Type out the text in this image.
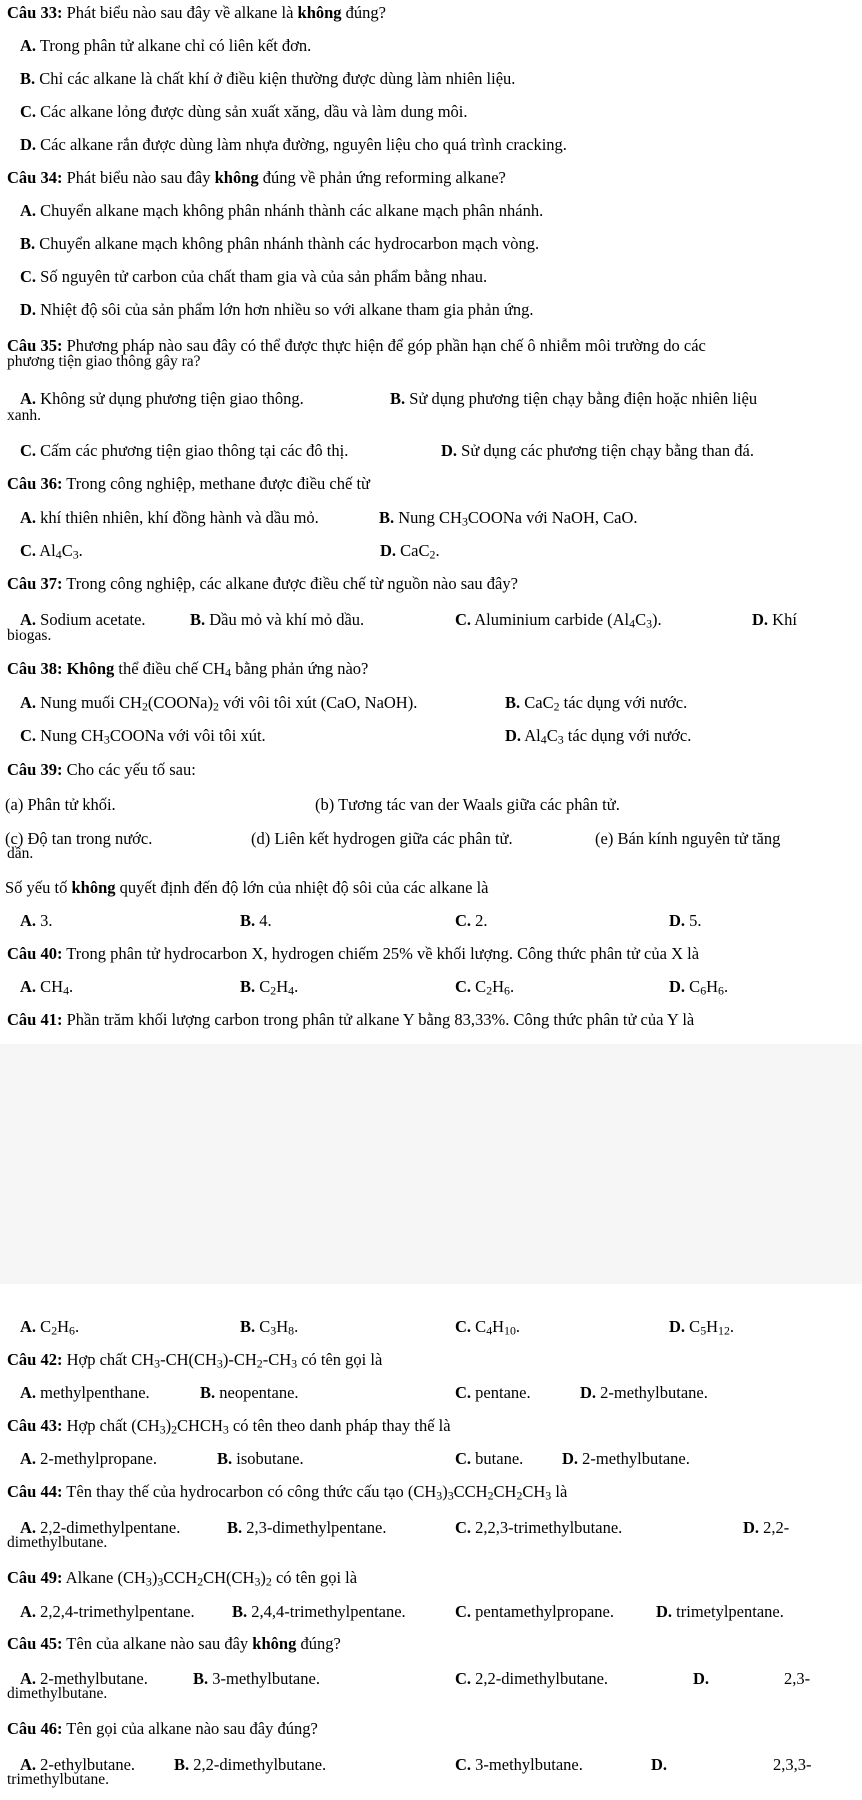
Câu 33: Phát biểu nào sau đây về alkane là không đúng?
A. Trong phân tử alkane chỉ có liên kết đơn.
B. Chỉ các alkane là chất khí ở điều kiện thường được dùng làm nhiên liệu.
C. Các alkane lỏng được dùng sản xuất xăng, dầu và làm dung môi.
D. Các alkane rắn được dùng làm nhựa đường, nguyên liệu cho quá trình cracking.
Câu 34: Phát biểu nào sau đây không đúng về phản ứng reforming alkane?
A. Chuyển alkane mạch không phân nhánh thành các alkane mạch phân nhánh.
B. Chuyển alkane mạch không phân nhánh thành các hydrocarbon mạch vòng.
C. Số nguyên tử carbon của chất tham gia và của sản phẩm bằng nhau.
D. Nhiệt độ sôi của sản phẩm lớn hơn nhiều so với alkane tham gia phản ứng.
Câu 35: Phương pháp nào sau đây có thể được thực hiện để góp phần hạn chế ô nhiễm môi trường do các
phương tiện giao thông gây ra?
A. Không sử dụng phương tiện giao thông.	B. Sử dụng phương tiện chạy bằng điện hoặc nhiên liệu
xanh.
C. Cấm các phương tiện giao thông tại các đô thị.	D. Sử dụng các phương tiện chạy bằng than đá.
Câu 36: Trong công nghiệp, methane được điều chế từ
A. khí thiên nhiên, khí đồng hành và dầu mỏ.	B. Nung $CH_3COONa$ với NaOH, CaO.
C. $Al_4C_3$.	D. CaC$_2$.
Câu 37: Trong công nghiệp, các alkane được điều chế từ nguồn nào sau đây?
A. Sodium acetate.	B. Dầu mỏ và khí mỏ dầu.	C. Aluminium carbide $(Al_4C_3)$.	D. Khí
biogas.
Câu 38: Không thể điều chế $CH_4$ bằng phản ứng nào?
A. Nung muối $CH_2(COONa)_2$ với vôi tôi xút (CaO, NaOH).	B. CaC$_2$ tác dụng với nước.
C. Nung $CH_3COONa$ với vôi tôi xút.	D. $Al_4C_3$ tác dụng với nước.
Câu 39: Cho các yếu tố sau:
(a) Phân tử khối.	(b) Tương tác van der Waals giữa các phân tử.
(c) Độ tan trong nước.	(d) Liên kết hydrogen giữa các phân tử.	(e) Bán kính nguyên tử tăng
dần.
Số yếu tố không quyết định đến độ lớn của nhiệt độ sôi của các alkane là
A. 3.	B. 4.	C. 2.	D. 5.
Câu 40: Trong phân tử hydrocarbon X, hydrogen chiếm 25% về khối lượng. Công thức phân tử của X là
A. $CH_4$.	B. $C_2H_4$.	C. $C_2H_6$.	D. $C_6H_6$.
Câu 41: Phần trăm khối lượng carbon trong phân tử alkane Y bằng 83,33%. Công thức phân tử của Y là
A. $C_2H_6$.	B. $C_3H_8$.	C. $C_4H_{10}$.	D. $C_5H_{12}$.
Câu 42: Hợp chất $CH_3-CH(CH_3)-CH_2-CH_3$ có tên gọi là
A. methylpenthane.	B. neopentane.	C. pentane.	D. 2-methylbutane.
Câu 43: Hợp chất $(CH_3)_2CHCH_3$ có tên theo danh pháp thay thế là
A. 2-methylpropane.	B. isobutane.	C. butane. D. 2-methylbutane.
Câu 44: Tên thay thế của hydrocarbon có công thức cấu tạo $(CH_3)_3CCH_2CH_2CH_3$ là
A. 2,2-dimethylpentane.	B. 2,3-dimethylpentane.	C. 2,2,3-trimethylbutane.	D. 2,2-
dimethylbutane.
Câu 49: Alkane $(CH_3)_3CCH_2CH(CH_3)_2$ có tên gọi là
A. 2,2,4-trimethylpentane. B. 2,4,4-trimethylpentane.	C. pentamethylpropane.	D. trimetylpentane.
Câu 45: Tên của alkane nào sau đây không đúng?
A. 2-methylbutane.	B. 3-methylbutane.	C. 2,2-dimethylbutane.	D.	2,3-
dimethylbutane.
Câu 46: Tên gọi của alkane nào sau đây đúng?
A. 2-ethylbutane. B. 2,2-dimethylbutane.	C. 3-methylbutane.	D.	2,3,3-
trimethylbutane.
